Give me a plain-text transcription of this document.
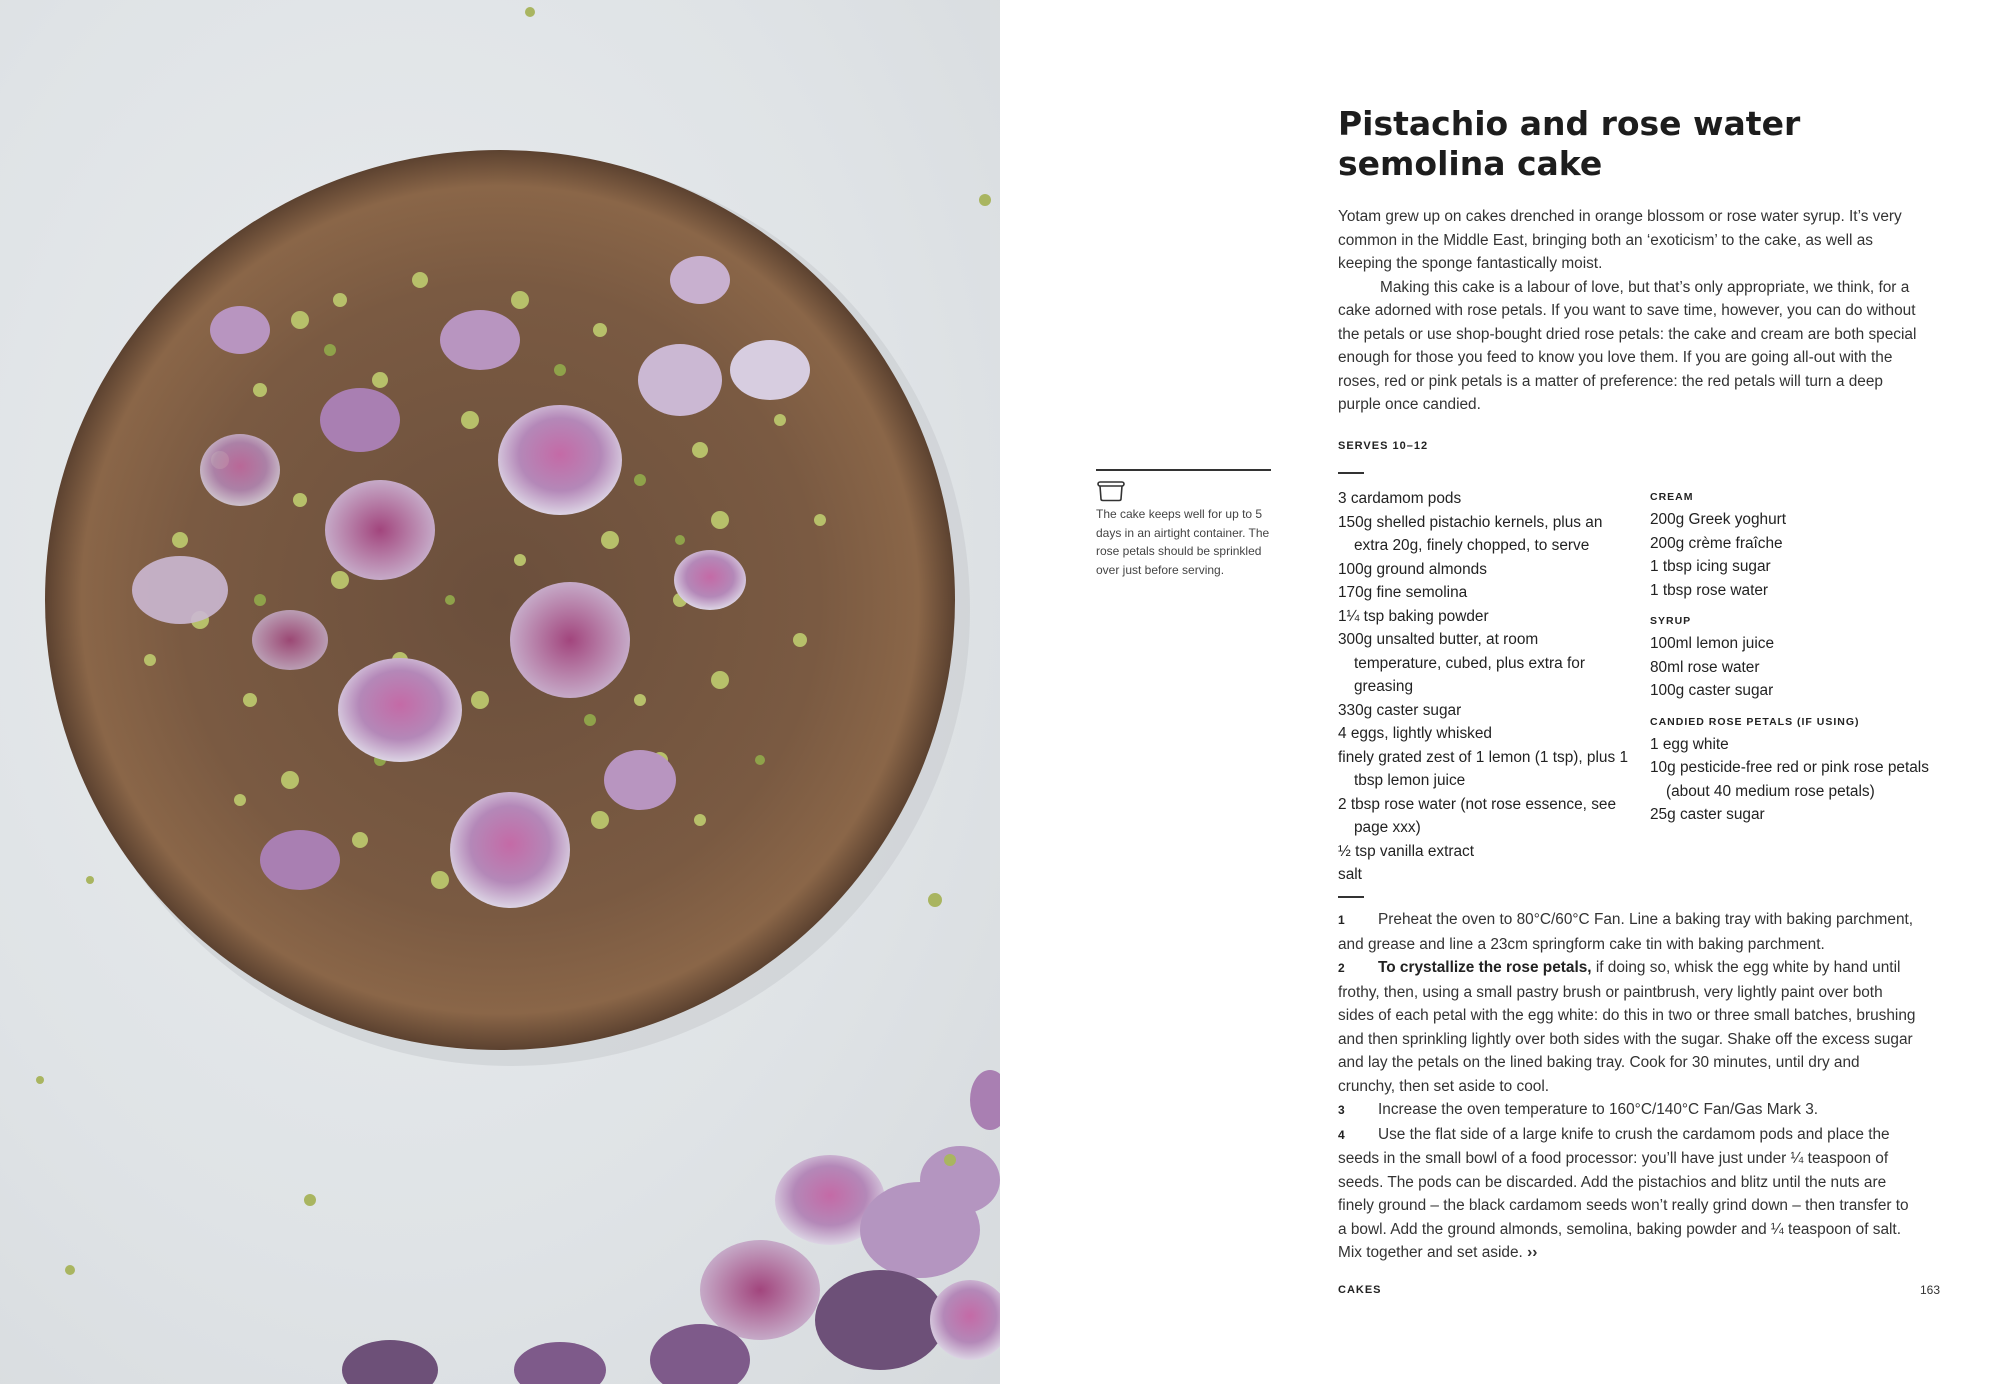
Pistachio and rose water
semolina cake

Yotam grew up on cakes drenched in orange blossom or rose water syrup. It’s very common in the Middle East, bringing both an ‘exoticism’ to the cake, as well as keeping the sponge fantastically moist.

Making this cake is a labour of love, but that’s only appropriate, we think, for a cake adorned with rose petals. If you want to save time, however, you can do without the petals or use shop-bought dried rose petals: the cake and cream are both special enough for those you feed to know you love them. If you are going all-out with the roses, red or pink petals is a matter of preference: the red petals will turn a deep purple once candied.

The cake keeps well for up to 5 days in an airtight container. The rose petals should be sprinkled over just before serving.
SERVES 10–12
3 cardamom pods
150g shelled pistachio kernels, plus an extra 20g, finely chopped, to serve
100g ground almonds
170g fine semolina
1¼ tsp baking powder
300g unsalted butter, at room temperature, cubed, plus extra for greasing
330g caster sugar
4 eggs, lightly whisked
finely grated zest of 1 lemon (1 tsp), plus 1 tbsp lemon juice
2 tbsp rose water (not rose essence, see page xxx)
½ tsp vanilla extract
salt
CREAM
200g Greek yoghurt
200g crème fraîche
1 tbsp icing sugar
1 tbsp rose water
SYRUP
100ml lemon juice
80ml rose water
100g caster sugar
CANDIED ROSE PETALS (IF USING)
1 egg white
10g pesticide-free red or pink rose petals (about 40 medium rose petals)
25g caster sugar

1 Preheat the oven to 80°C/60°C Fan. Line a baking tray with baking parchment, and grease and line a 23cm springform cake tin with baking parchment.

2 To crystallize the rose petals, if doing so, whisk the egg white by hand until frothy, then, using a small pastry brush or paintbrush, very lightly paint over both sides of each petal with the egg white: do this in two or three small batches, brushing and then sprinkling lightly over both sides with the sugar. Shake off the excess sugar and lay the petals on the lined baking tray. Cook for 30 minutes, until dry and crunchy, then set aside to cool.

3 Increase the oven temperature to 160°C/140°C Fan/Gas Mark 3.

4 Use the flat side of a large knife to crush the cardamom pods and place the seeds in the small bowl of a food processor: you’ll have just under ¼ teaspoon of seeds. The pods can be discarded. Add the pistachios and blitz until the nuts are finely ground – the black cardamom seeds won’t really grind down – then transfer to a bowl. Add the ground almonds, semolina, baking powder and ¼ teaspoon of salt. Mix together and set aside. ››

CAKES	163
